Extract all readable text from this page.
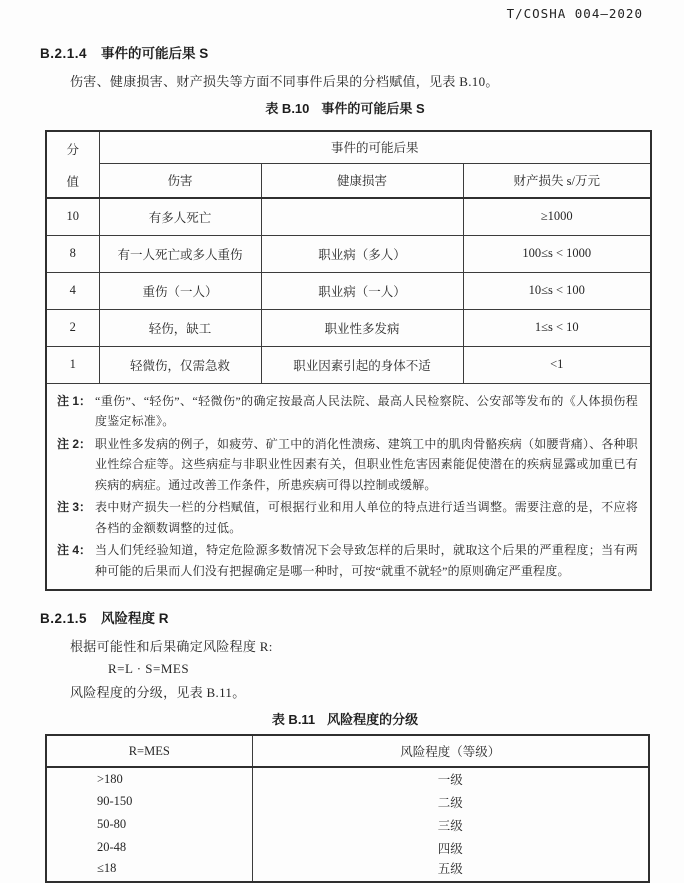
T/COSHA 004—2020
B.2.1.4 事件的可能后果 S
伤害、健康损害、财产损失等方面不同事件后果的分档赋值，见表 B.10。
表 B.10 事件的可能后果 S
分
值	事件的可能后果		
	伤害	健康损害	财产损失 s/万元
10	有多人死亡		≥1000
8	有一人死亡或多人重伤	职业病（多人）	100≤s < 1000
4	重伤（一人）	职业病（一人）	10≤s < 100
2	轻伤，缺工	职业性多发病	1≤s < 10
1	轻微伤，仅需急救	职业因素引起的身体不适	<1

注 1： “重伤”、“轻伤”、“轻微伤”的确定按最高人民法院、最高人民检察院、公安部等发布的《人体损伤程度鉴定标准》。
注 2： 职业性多发病的例子，如疲劳、矿工中的消化性溃疡、建筑工中的肌肉骨骼疾病（如腰背痛）、各种职业性综合症等。这些病症与非职业性因素有关，但职业性危害因素能促使潜在的疾病显露或加重已有疾病的病症。通过改善工作条件，所患疾病可得以控制或缓解。
注 3： 表中财产损失一栏的分档赋值，可根据行业和用人单位的特点进行适当调整。需要注意的是，不应将各档的金额数调整的过低。
注 4： 当人们凭经验知道，特定危险源多数情况下会导致怎样的后果时，就取这个后果的严重程度；当有两种可能的后果而人们没有把握确定是哪一种时，可按“就重不就轻”的原则确定严重程度。
B.2.1.5 风险程度 R
根据可能性和后果确定风险程度 R:
R=L · S=MES
风险程度的分级，见表 B.11。
表 B.11 风险程度的分级
R=MES	风险程度（等级）
>180	一级
90-150	二级
50-80	三级
20-48	四级
≤18	五级
